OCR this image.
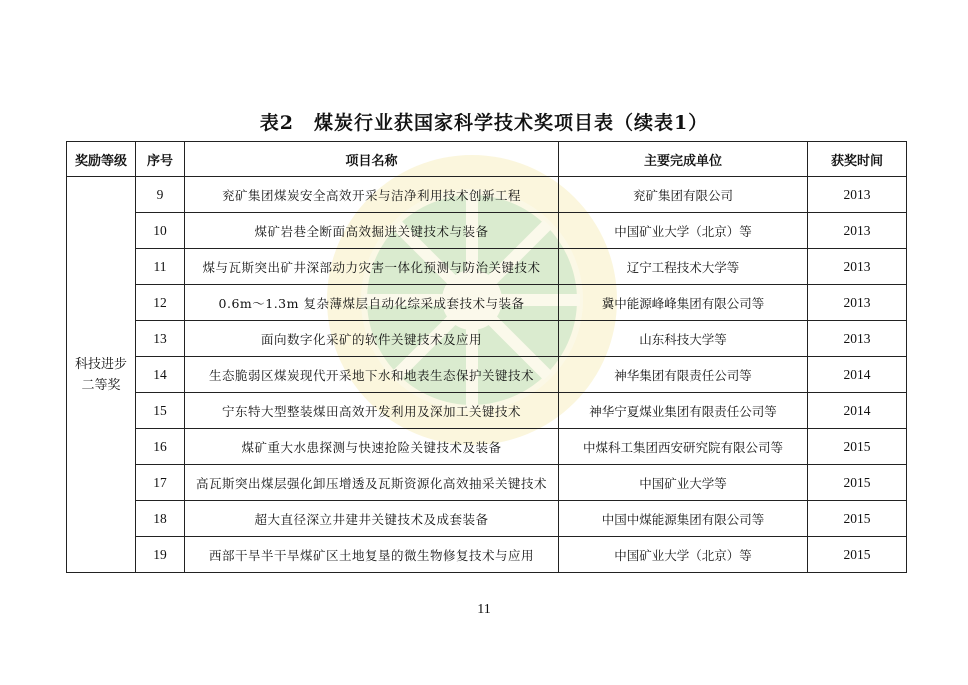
表2　煤炭行业获国家科学技术奖项目表（续表1）
奖励等级	序号	项目名称	主要完成单位	获奖时间
科技进步
二等奖	9	兖矿集团煤炭安全高效开采与洁净利用技术创新工程	兖矿集团有限公司	2013
	10	煤矿岩巷全断面高效掘进关键技术与装备	中国矿业大学（北京）等	2013
	11	煤与瓦斯突出矿井深部动力灾害一体化预测与防治关键技术	辽宁工程技术大学等	2013
	12	0.6m～1.3m 复杂薄煤层自动化综采成套技术与装备	冀中能源峰峰集团有限公司等	2013
	13	面向数字化采矿的软件关键技术及应用	山东科技大学等	2013
	14	生态脆弱区煤炭现代开采地下水和地表生态保护关键技术	神华集团有限责任公司等	2014
	15	宁东特大型整装煤田高效开发利用及深加工关键技术	神华宁夏煤业集团有限责任公司等	2014
	16	煤矿重大水患探测与快速抢险关键技术及装备	中煤科工集团西安研究院有限公司等	2015
	17	高瓦斯突出煤层强化卸压增透及瓦斯资源化高效抽采关键技术	中国矿业大学等	2015
	18	超大直径深立井建井关键技术及成套装备	中国中煤能源集团有限公司等	2015
	19	西部干旱半干旱煤矿区土地复垦的微生物修复技术与应用	中国矿业大学（北京）等	2015
11
